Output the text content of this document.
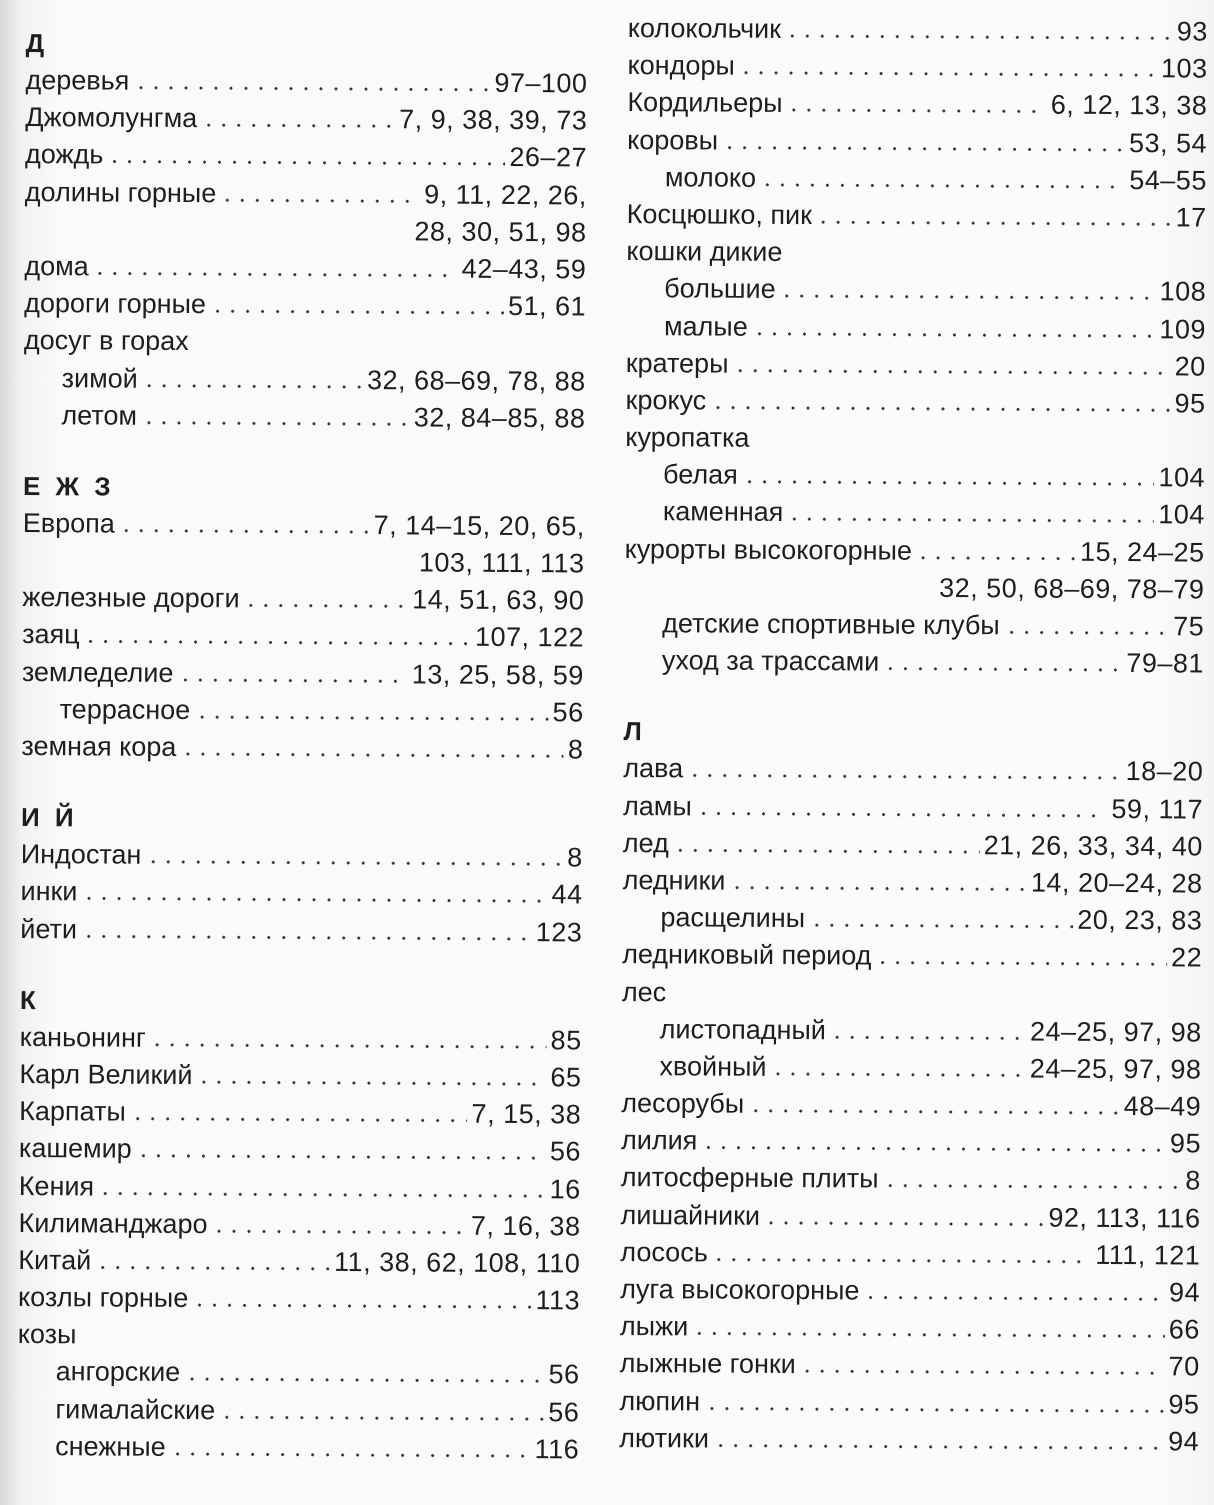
Д
деревья	97–100
Джомолунгма	7, 9, 38, 39, 73
дождь	26–27
долины горные	9, 11, 22, 26,
28, 30, 51, 98
дома	42–43, 59
дороги горные	51, 61
досуг в горах
зимой	32, 68–69, 78, 88
летом	32, 84–85, 88
Е Ж З
Европа	7, 14–15, 20, 65,
103, 111, 113
железные дороги	14, 51, 63, 90
заяц	107, 122
земледелие	13, 25, 58, 59
террасное	56
земная кора	8
И Й
Индостан	8
инки	44
йети	123
К
каньонинг	85
Карл Великий	65
Карпаты	7, 15, 38
кашемир	56
Кения	16
Килиманджаро	7, 16, 38
Китай	11, 38, 62, 108, 110
козлы горные	113
козы
ангорские	56
гималайские	56
снежные	116
колокольчик	93
кондоры	103
Кордильеры	6, 12, 13, 38
коровы	53, 54
молоко	54–55
Косцюшко, пик	17
кошки дикие
большие	108
малые	109
кратеры	20
крокус	95
куропатка
белая	104
каменная	104
курорты высокогорные	15, 24–25
32, 50, 68–69, 78–79
детские спортивные клубы	75
уход за трассами	79–81
Л
лава	18–20
ламы	59, 117
лед	21, 26, 33, 34, 40
ледники	14, 20–24, 28
расщелины	20, 23, 83
ледниковый период	22
лес
листопадный	24–25, 97, 98
хвойный	24–25, 97, 98
лесорубы	48–49
лилия	95
литосферные плиты	8
лишайники	92, 113, 116
лосось	111, 121
луга высокогорные	94
лыжи	66
лыжные гонки	70
люпин	95
лютики	94
